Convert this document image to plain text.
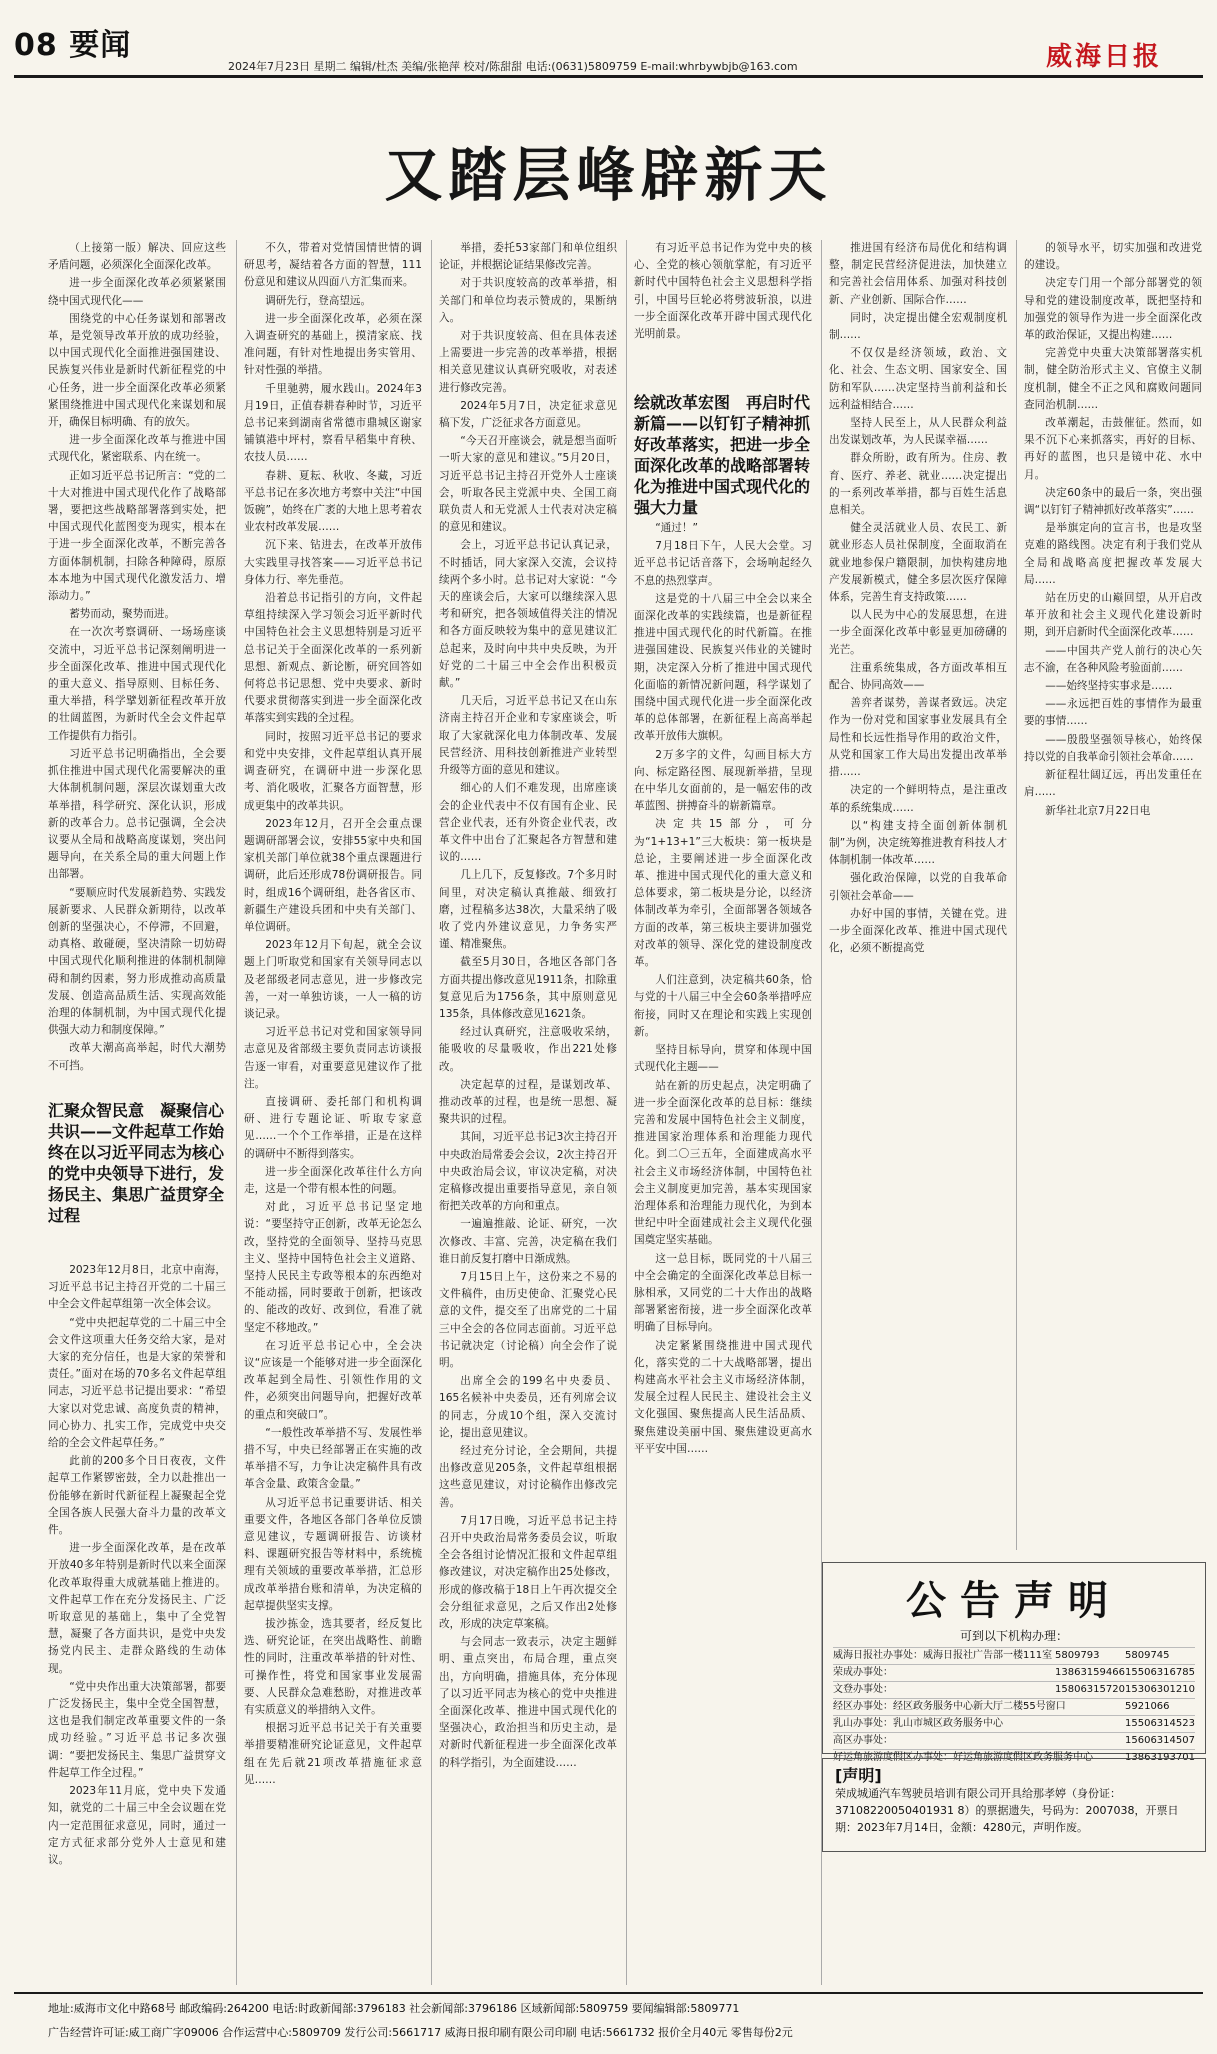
08 要闻
2024年7月23日 星期二 编辑/杜杰 美编/张艳萍 校对/陈甜甜 电话:(0631)5809759 E-mail:whrbywbjb@163.com	威海日报
又踏层峰辟新天

（上接第一版）解决、回应这些矛盾问题，必须深化全面深化改革。

进一步全面深化改革必须紧紧围绕中国式现代化——

围绕党的中心任务谋划和部署改革，是党领导改革开放的成功经验，以中国式现代化全面推进强国建设、民族复兴伟业是新时代新征程党的中心任务，进一步全面深化改革必须紧紧围绕推进中国式现代化来谋划和展开，确保目标明确、有的放矢。

进一步全面深化改革与推进中国式现代化，紧密联系、内在统一。

正如习近平总书记所言：“党的二十大对推进中国式现代化作了战略部署，要把这些战略部署落到实处，把中国式现代化蓝图变为现实，根本在于进一步全面深化改革，不断完善各方面体制机制，扫除各种障碍，原原本本地为中国式现代化激发活力、增添动力。”

蓄势而动，聚势而进。

在一次次考察调研、一场场座谈交流中，习近平总书记深刻阐明进一步全面深化改革、推进中国式现代化的重大意义、指导原则、目标任务、重大举措，科学擘划新征程改革开放的壮阔蓝图，为新时代全会文件起草工作提供有力指引。

习近平总书记明确指出，全会要抓住推进中国式现代化需要解决的重大体制机制问题，深层次谋划重大改革举措，科学研究、深化认识，形成新的改革合力。总书记强调，全会决议要从全局和战略高度谋划，突出问题导向，在关系全局的重大问题上作出部署。

“要顺应时代发展新趋势、实践发展新要求、人民群众新期待，以改革创新的坚强决心，不停滞，不回避，动真格、敢碰硬，坚决清除一切妨碍中国式现代化顺利推进的体制机制障碍和制约因素，努力形成推动高质量发展、创造高品质生活、实现高效能治理的体制机制，为中国式现代化提供强大动力和制度保障。”

改革大潮高高举起，时代大潮势不可挡。

汇聚众智民意　凝聚信心共识——文件起草工作始终在以习近平同志为核心的党中央领导下进行，发扬民主、集思广益贯穿全过程

2023年12月8日，北京中南海，习近平总书记主持召开党的二十届三中全会文件起草组第一次全体会议。

“党中央把起草党的二十届三中全会文件这项重大任务交给大家，是对大家的充分信任，也是大家的荣誉和责任。”面对在场的70多名文件起草组同志，习近平总书记提出要求：“希望大家以对党忠诚、高度负责的精神，同心协力、扎实工作，完成党中央交给的全会文件起草任务。”

此前的200多个日日夜夜，文件起草工作紧锣密鼓，全力以赴推出一份能够在新时代新征程上凝聚起全党全国各族人民强大奋斗力量的改革文件。

进一步全面深化改革，是在改革开放40多年特别是新时代以来全面深化改革取得重大成就基础上推进的。文件起草工作在充分发扬民主、广泛听取意见的基础上，集中了全党智慧，凝聚了各方面共识，是党中央发扬党内民主、走群众路线的生动体现。

“党中央作出重大决策部署，都要广泛发扬民主，集中全党全国智慧，这也是我们制定改革重要文件的一条成功经验。”习近平总书记多次强调：“要把发扬民主、集思广益贯穿文件起草工作全过程。”

2023年11月底，党中央下发通知，就党的二十届三中全会议题在党内一定范围征求意见，同时，通过一定方式征求部分党外人士意见和建议。

不久，带着对党情国情世情的调研思考，凝结着各方面的智慧，111份意见和建议从四面八方汇集而来。

调研先行，登高望远。

进一步全面深化改革，必须在深入调查研究的基础上，摸清家底、找准问题，有针对性地提出务实管用、针对性强的举措。

千里驰骋，履水践山。2024年3月19日，正值春耕春种时节，习近平总书记来到湖南省常德市鼎城区谢家铺镇港中坪村，察看早稻集中育秧、农技人员……

春耕、夏耘、秋收、冬藏，习近平总书记在多次地方考察中关注“中国饭碗”，始终在广袤的大地上思考着农业农村改革发展……

沉下来、钻进去，在改革开放伟大实践里寻找答案——习近平总书记身体力行、率先垂范。

沿着总书记指引的方向，文件起草组持续深入学习领会习近平新时代中国特色社会主义思想特别是习近平总书记关于全面深化改革的一系列新思想、新观点、新论断，研究回答如何将总书记思想、党中央要求、新时代要求贯彻落实到进一步全面深化改革落实到实践的全过程。

同时，按照习近平总书记的要求和党中央安排，文件起草组认真开展调查研究，在调研中进一步深化思考、消化吸收，汇聚各方面智慧，形成更集中的改革共识。

2023年12月，召开全会重点课题调研部署会议，安排55家中央和国家机关部门单位就38个重点课题进行调研，此后还形成78份调研报告。同时，组成16个调研组，赴各省区市、新疆生产建设兵团和中央有关部门、单位调研。

2023年12月下旬起，就全会议题上门听取党和国家有关领导同志以及老部级老同志意见，进一步修改完善，一对一单独访谈，一人一稿的访谈记录。

习近平总书记对党和国家领导同志意见及省部级主要负责同志访谈报告逐一审看，对重要意见建议作了批注。

直接调研、委托部门和机构调研、进行专题论证、听取专家意见……一个个工作举措，正是在这样的调研中不断得到落实。

进一步全面深化改革往什么方向走，这是一个带有根本性的问题。

对此，习近平总书记坚定地说：“要坚持守正创新，改革无论怎么改，坚持党的全面领导、坚持马克思主义、坚持中国特色社会主义道路、坚持人民民主专政等根本的东西绝对不能动摇，同时要敢于创新，把该改的、能改的改好、改到位，看准了就坚定不移地改。”

在习近平总书记心中，全会决议“应该是一个能够对进一步全面深化改革起到全局性、引领性作用的文件，必须突出问题导向，把握好改革的重点和突破口”。

“一般性改革举措不写、发展性举措不写，中央已经部署正在实施的改革举措不写，力争让决定稿件具有改革含金量、政策含金量。”

从习近平总书记重要讲话、相关重要文件，各地区各部门各单位反馈意见建议，专题调研报告、访谈材料、课题研究报告等材料中，系统梳理有关领域的重要改革举措，汇总形成改革举措台账和清单，为决定稿的起草提供坚实支撑。

拔沙拣金，选其要者，经反复比选、研究论证，在突出战略性、前瞻性的同时，注重改革举措的针对性、可操作性，将党和国家事业发展需要、人民群众急难愁盼，对推进改革有实质意义的举措纳入文件。

根据习近平总书记关于有关重要举措要精准研究论证意见，文件起草组在先后就21项改革措施征求意见……

举措，委托53家部门和单位组织论证，并根据论证结果修改完善。

对于共识度较高的改革举措，相关部门和单位均表示赞成的，果断纳入。

对于共识度较高、但在具体表述上需要进一步完善的改革举措，根据相关意见建议认真研究吸收，对表述进行修改完善。

2024年5月7日，决定征求意见稿下发，广泛征求各方面意见。

“今天召开座谈会，就是想当面听一听大家的意见和建议。”5月20日，习近平总书记主持召开党外人士座谈会，听取各民主党派中央、全国工商联负责人和无党派人士代表对决定稿的意见和建议。

会上，习近平总书记认真记录，不时插话，同大家深入交流，会议持续两个多小时。总书记对大家说：“今天的座谈会后，大家可以继续深入思考和研究，把各领域值得关注的情况和各方面反映较为集中的意见建议汇总起来，及时向中共中央反映，为开好党的二十届三中全会作出积极贡献。”

几天后，习近平总书记又在山东济南主持召开企业和专家座谈会，听取了大家就深化电力体制改革、发展民营经济、用科技创新推进产业转型升级等方面的意见和建议。

细心的人们不难发现，出席座谈会的企业代表中不仅有国有企业、民营企业代表，还有外资企业代表，改革文件中出台了汇聚起各方智慧和建议的……

几上几下，反复修改。7个多月时间里，对决定稿认真推敲、细致打磨，过程稿多达38次，大量采纳了吸收了党内外建议意见，力争务实严谨、精准聚焦。

截至5月30日，各地区各部门各方面共提出修改意见1911条，扣除重复意见后为1756条，其中原则意见135条，具体修改意见1621条。

经过认真研究，注意吸收采纳，能吸收的尽量吸收，作出221处修改。

决定起草的过程，是谋划改革、推动改革的过程，也是统一思想、凝聚共识的过程。

其间，习近平总书记3次主持召开中央政治局常委会会议，2次主持召开中央政治局会议，审议决定稿，对决定稿修改提出重要指导意见，亲自领衔把关改革的方向和重点。

一遍遍推敲、论证、研究，一次次修改、丰富、完善，决定稿在我们谁日前反复打磨中日渐成熟。

7月15日上午，这份来之不易的文件稿件，由历史使命、汇聚党心民意的文件，提交至了出席党的二十届三中全会的各位同志面前。习近平总书记就决定（讨论稿）向全会作了说明。

出席全会的199名中央委员、165名候补中央委员，还有列席会议的同志，分成10个组，深入交流讨论，提出意见建议。

经过充分讨论，全会期间，共提出修改意见205条，文件起草组根据这些意见建议，对讨论稿作出修改完善。

7月17日晚，习近平总书记主持召开中央政治局常务委员会议，听取全会各组讨论情况汇报和文件起草组修改建议，对决定稿作出25处修改，形成的修改稿于18日上午再次提交全会分组征求意见，之后又作出2处修改，形成的决定草案稿。

与会同志一致表示，决定主题鲜明、重点突出，布局合理，重点突出，方向明确，措施具体，充分体现了以习近平同志为核心的党中央推进全面深化改革、推进中国式现代化的坚强决心，政治担当和历史主动，是对新时代新征程进一步全面深化改革的科学指引，为全面建设……

有习近平总书记作为党中央的核心、全党的核心领航掌舵，有习近平新时代中国特色社会主义思想科学指引，中国号巨轮必将劈波斩浪，以进一步全面深化改革开辟中国式现代化光明前景。

绘就改革宏图　再启时代新篇——以钉钉子精神抓好改革落实，把进一步全面深化改革的战略部署转化为推进中国式现代化的强大力量

“通过！”

7月18日下午，人民大会堂。习近平总书记话音落下，会场响起经久不息的热烈掌声。

这是党的十八届三中全会以来全面深化改革的实践续篇，也是新征程推进中国式现代化的时代新篇。在推进强国建设、民族复兴伟业的关键时期，决定深入分析了推进中国式现代化面临的新情况新问题，科学谋划了围绕中国式现代化进一步全面深化改革的总体部署，在新征程上高高举起改革开放伟大旗帜。

2万多字的文件，勾画目标大方向、标定路径图、展现新举措，呈现在中华儿女面前的，是一幅宏伟的改革蓝图、拼搏奋斗的崭新篇章。

决定共15部分，可分为“1+13+1”三大板块：第一板块是总论，主要阐述进一步全面深化改革、推进中国式现代化的重大意义和总体要求，第二板块是分论，以经济体制改革为牵引，全面部署各领域各方面的改革，第三板块主要讲加强党对改革的领导、深化党的建设制度改革。

人们注意到，决定稿共60条，恰与党的十八届三中全会60条举措呼应衔接，同时又在理论和实践上实现创新。

坚持目标导向，贯穿和体现中国式现代化主题——

站在新的历史起点，决定明确了进一步全面深化改革的总目标：继续完善和发展中国特色社会主义制度，推进国家治理体系和治理能力现代化。到二〇三五年，全面建成高水平社会主义市场经济体制，中国特色社会主义制度更加完善，基本实现国家治理体系和治理能力现代化，为到本世纪中叶全面建成社会主义现代化强国奠定坚实基础。

这一总目标，既同党的十八届三中全会确定的全面深化改革总目标一脉相承，又同党的二十大作出的战略部署紧密衔接，进一步全面深化改革明确了目标导向。

决定紧紧围绕推进中国式现代化，落实党的二十大战略部署，提出构建高水平社会主义市场经济体制，发展全过程人民民主、建设社会主义文化强国、聚焦提高人民生活品质、聚焦建设美丽中国、聚焦建设更高水平平安中国……

推进国有经济布局优化和结构调整，制定民营经济促进法，加快建立和完善社会信用体系、加强对科技创新、产业创新、国际合作……

同时，决定提出健全宏观制度机制……

不仅仅是经济领域，政治、文化、社会、生态文明、国家安全、国防和军队……决定坚持当前利益和长远利益相结合……

坚持人民至上，从人民群众利益出发谋划改革，为人民谋幸福……

群众所盼，政有所为。住房、教育、医疗、养老、就业……决定提出的一系列改革举措，都与百姓生活息息相关。

健全灵活就业人员、农民工、新就业形态人员社保制度，全面取消在就业地参保户籍限制，加快构建房地产发展新模式，健全多层次医疗保障体系，完善生育支持政策……

以人民为中心的发展思想，在进一步全面深化改革中彰显更加磅礴的光芒。

注重系统集成，各方面改革相互配合、协同高效——

善弈者谋势，善谋者致远。决定作为一份对党和国家事业发展具有全局性和长远性指导作用的政治文件，从党和国家工作大局出发提出改革举措……

决定的一个鲜明特点，是注重改革的系统集成……

以“构建支持全面创新体制机制”为例，决定统筹推进教育科技人才体制机制一体改革……

强化政治保障，以党的自我革命引领社会革命——

办好中国的事情，关键在党。进一步全面深化改革、推进中国式现代化，必须不断提高党

的领导水平，切实加强和改进党的建设。

决定专门用一个部分部署党的领导和党的建设制度改革，既把坚持和加强党的领导作为进一步全面深化改革的政治保证，又提出构建……

完善党中央重大决策部署落实机制，健全防治形式主义、官僚主义制度机制，健全不正之风和腐败问题同查同治机制……

改革潮起，击鼓催征。然而，如果不沉下心来抓落实，再好的目标、再好的蓝图，也只是镜中花、水中月。

决定60条中的最后一条，突出强调“以钉钉子精神抓好改革落实”……

是举旗定向的宣言书，也是攻坚克难的路线图。决定有利于我们党从全局和战略高度把握改革发展大局……

站在历史的山巅回望，从开启改革开放和社会主义现代化建设新时期，到开启新时代全面深化改革……

——中国共产党人前行的决心矢志不渝，在各种风险考验面前……

——始终坚持实事求是……

——永远把百姓的事情作为最重要的事情……

——殷殷坚强领导核心，始终保持以党的自我革命引领社会革命……

新征程壮阔辽远，再出发重任在肩……

新华社北京7月22日电

公告声明
可到以下机构办理：
威海日报社办事处：威海日报社广告部一楼111室 5809793	5809745
荣成办事处：	13863159466 15506316785
文登办事处：	15806315720 15306301210
经区办事处：经区政务服务中心新大厅二楼55号窗口	5921066
乳山办事处：乳山市城区政务服务中心	15506314523
高区办事处：	15606314507
好运角旅游度假区办事处：好运角旅游度假区政务服务中心	13863193701
[声明]
荣成城通汽车驾驶员培训有限公司开具给那孝婷（身份证：37108220050401931 8）的票据遗失，号码为：2007038，开票日期：2023年7月14日，金额：4280元，声明作废。
地址:威海市文化中路68号 邮政编码:264200 电话:时政新闻部:3796183 社会新闻部:3796186 区域新闻部:5809759 要闻编辑部:5809771
广告经营许可证:威工商广字09006 合作运营中心:5809709 发行公司:5661717 威海日报印刷有限公司印刷 电话:5661732 报价全月40元 零售每份2元
